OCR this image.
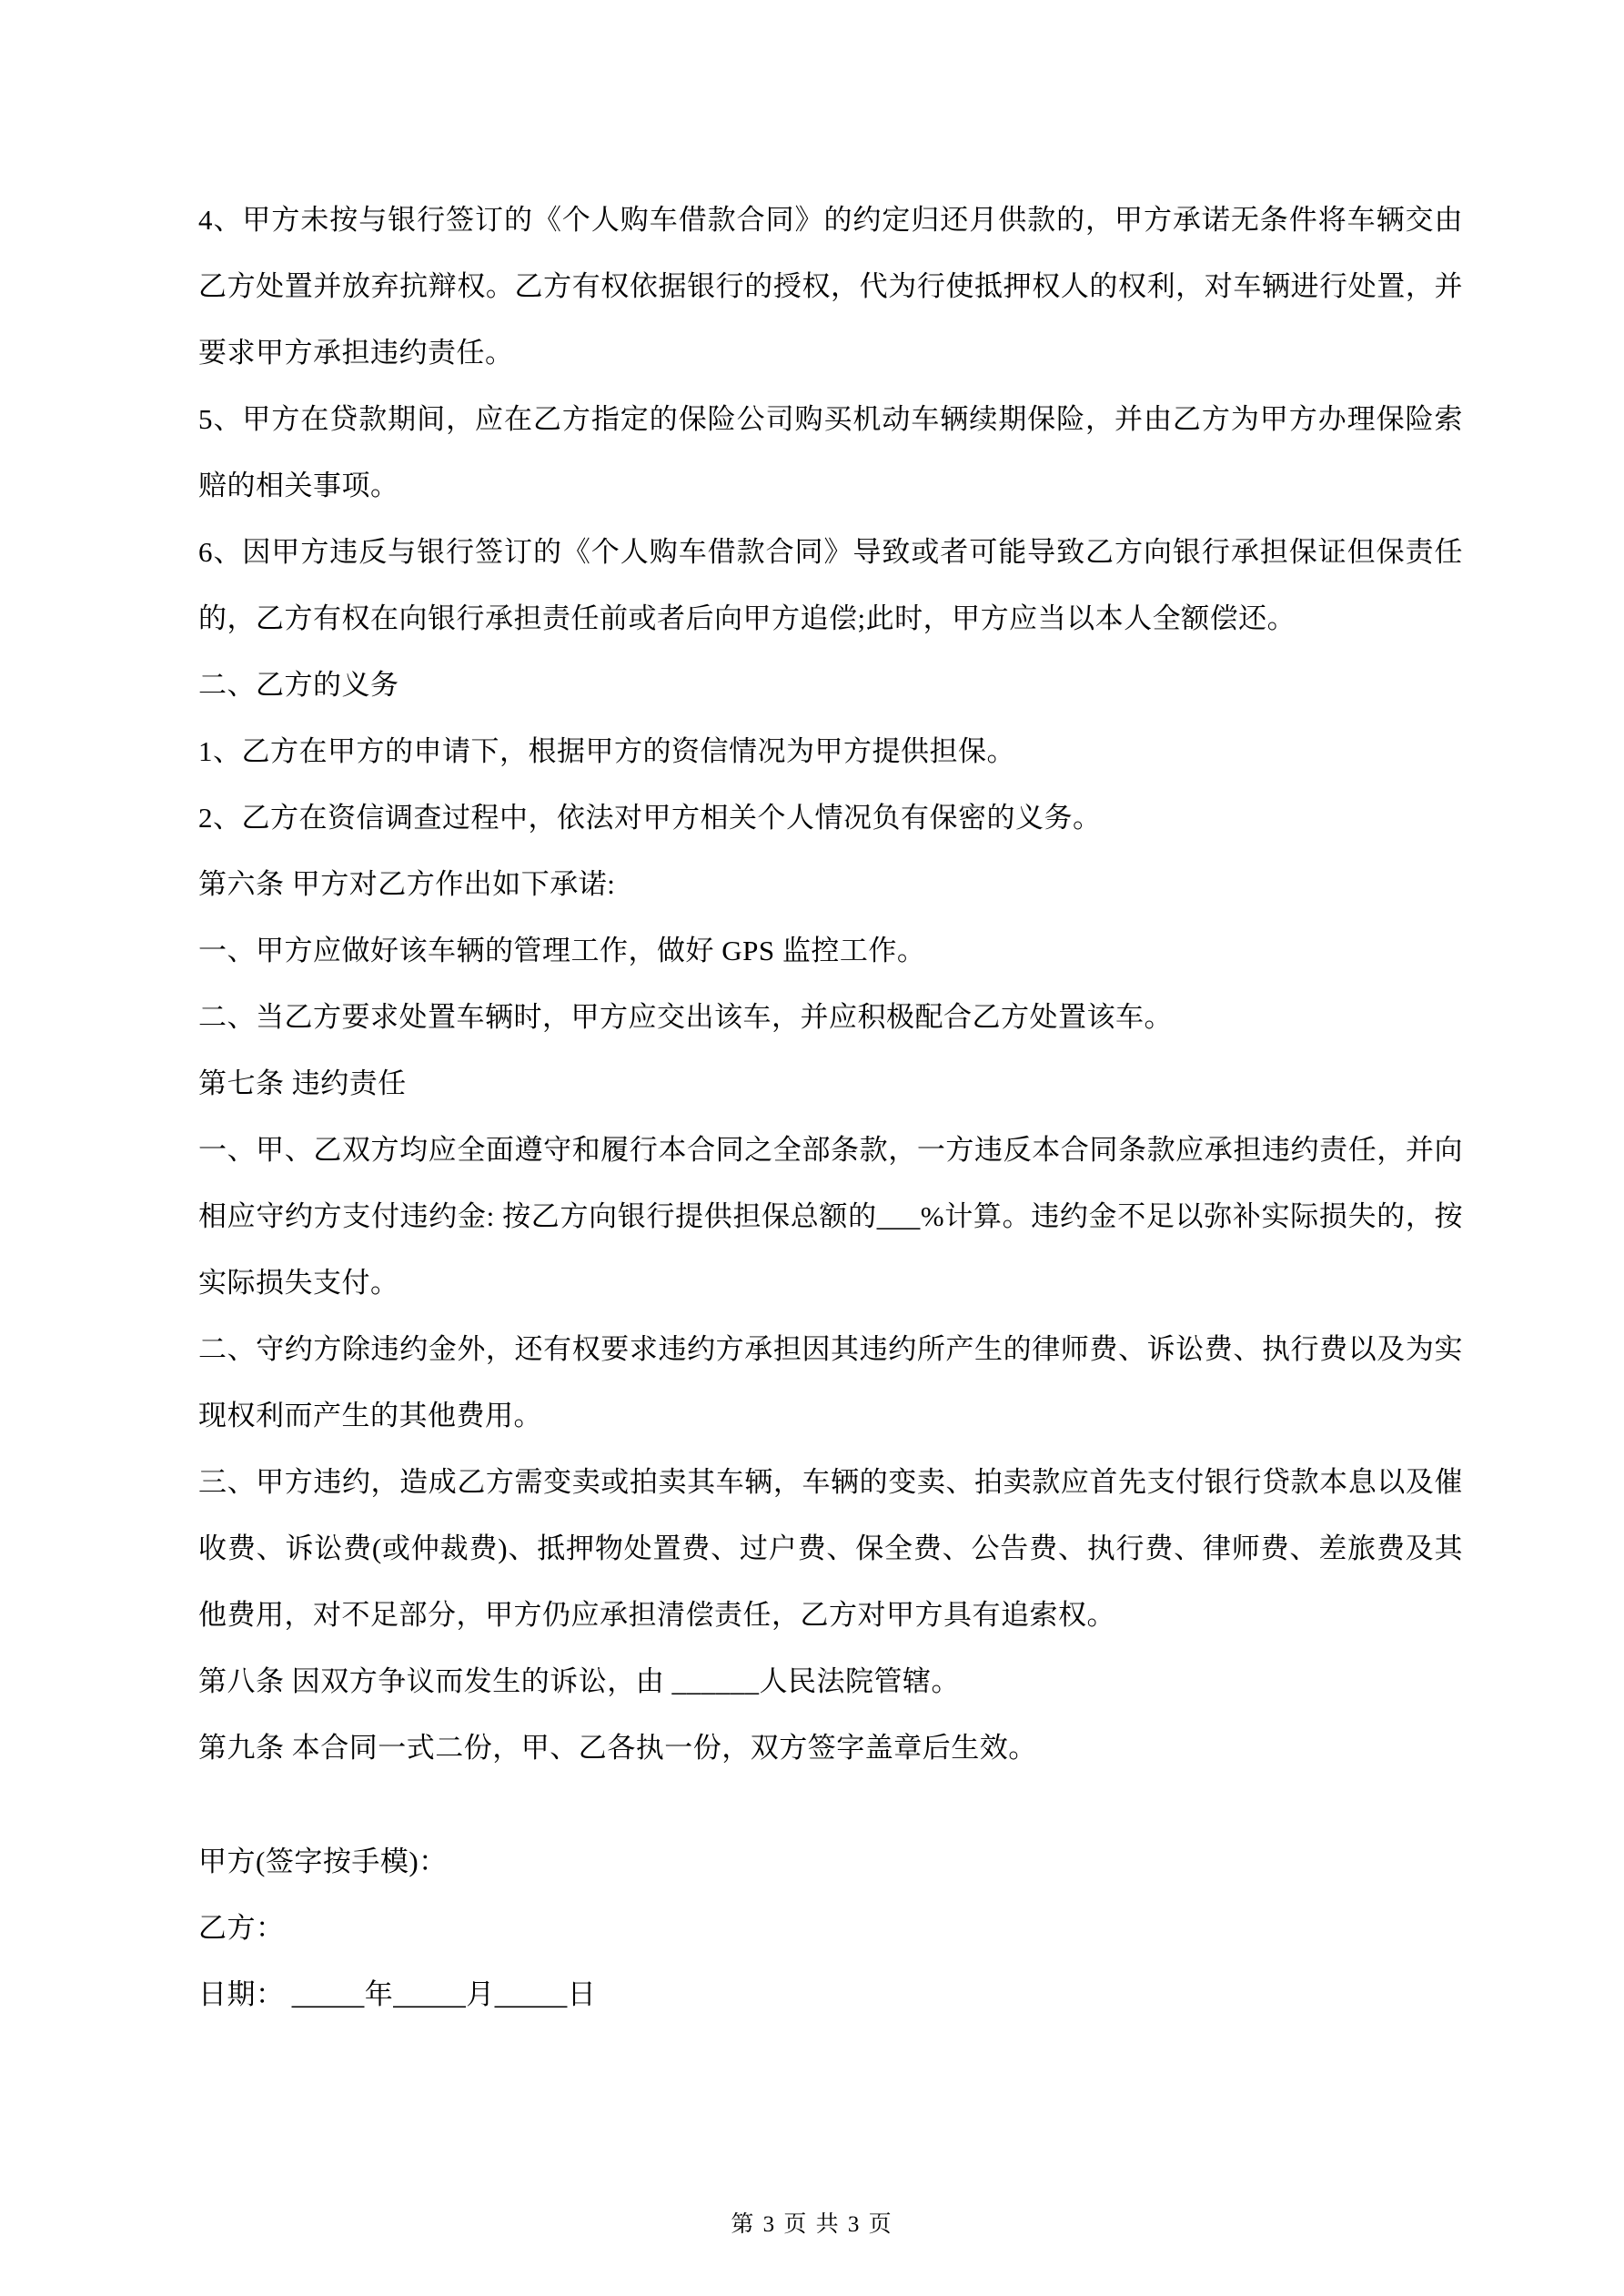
4、甲方未按与银行签订的《个人购车借款合同》的约定归还月供款的，甲方承诺无条件将车辆交由乙方处置并放弃抗辩权。乙方有权依据银行的授权，代为行使抵押权人的权利，对车辆进行处置，并要求甲方承担违约责任。

5、甲方在贷款期间，应在乙方指定的保险公司购买机动车辆续期保险，并由乙方为甲方办理保险索赔的相关事项。

6、因甲方违反与银行签订的《个人购车借款合同》导致或者可能导致乙方向银行承担保证但保责任的，乙方有权在向银行承担责任前或者后向甲方追偿;此时，甲方应当以本人全额偿还。

二、乙方的义务

1、乙方在甲方的申请下，根据甲方的资信情况为甲方提供担保。

2、乙方在资信调查过程中，依法对甲方相关个人情况负有保密的义务。

第六条 甲方对乙方作出如下承诺:

一、甲方应做好该车辆的管理工作，做好 GPS 监控工作。

二、当乙方要求处置车辆时，甲方应交出该车，并应积极配合乙方处置该车。

第七条 违约责任

一、甲、乙双方均应全面遵守和履行本合同之全部条款，一方违反本合同条款应承担违约责任，并向相应守约方支付违约金: 按乙方向银行提供担保总额的___%计算。违约金不足以弥补实际损失的，按实际损失支付。

二、守约方除违约金外，还有权要求违约方承担因其违约所产生的律师费、诉讼费、执行费以及为实现权利而产生的其他费用。

三、甲方违约，造成乙方需变卖或拍卖其车辆，车辆的变卖、拍卖款应首先支付银行贷款本息以及催收费、诉讼费(或仲裁费)、抵押物处置费、过户费、保全费、公告费、执行费、律师费、差旅费及其他费用，对不足部分，甲方仍应承担清偿责任，乙方对甲方具有追索权。

第八条 因双方争议而发生的诉讼，由 ______人民法院管辖。

第九条 本合同一式二份，甲、乙各执一份，双方签字盖章后生效。

甲方(签字按手模)：

乙方：

日期： _____年_____月_____日

第 3 页 共 3 页
